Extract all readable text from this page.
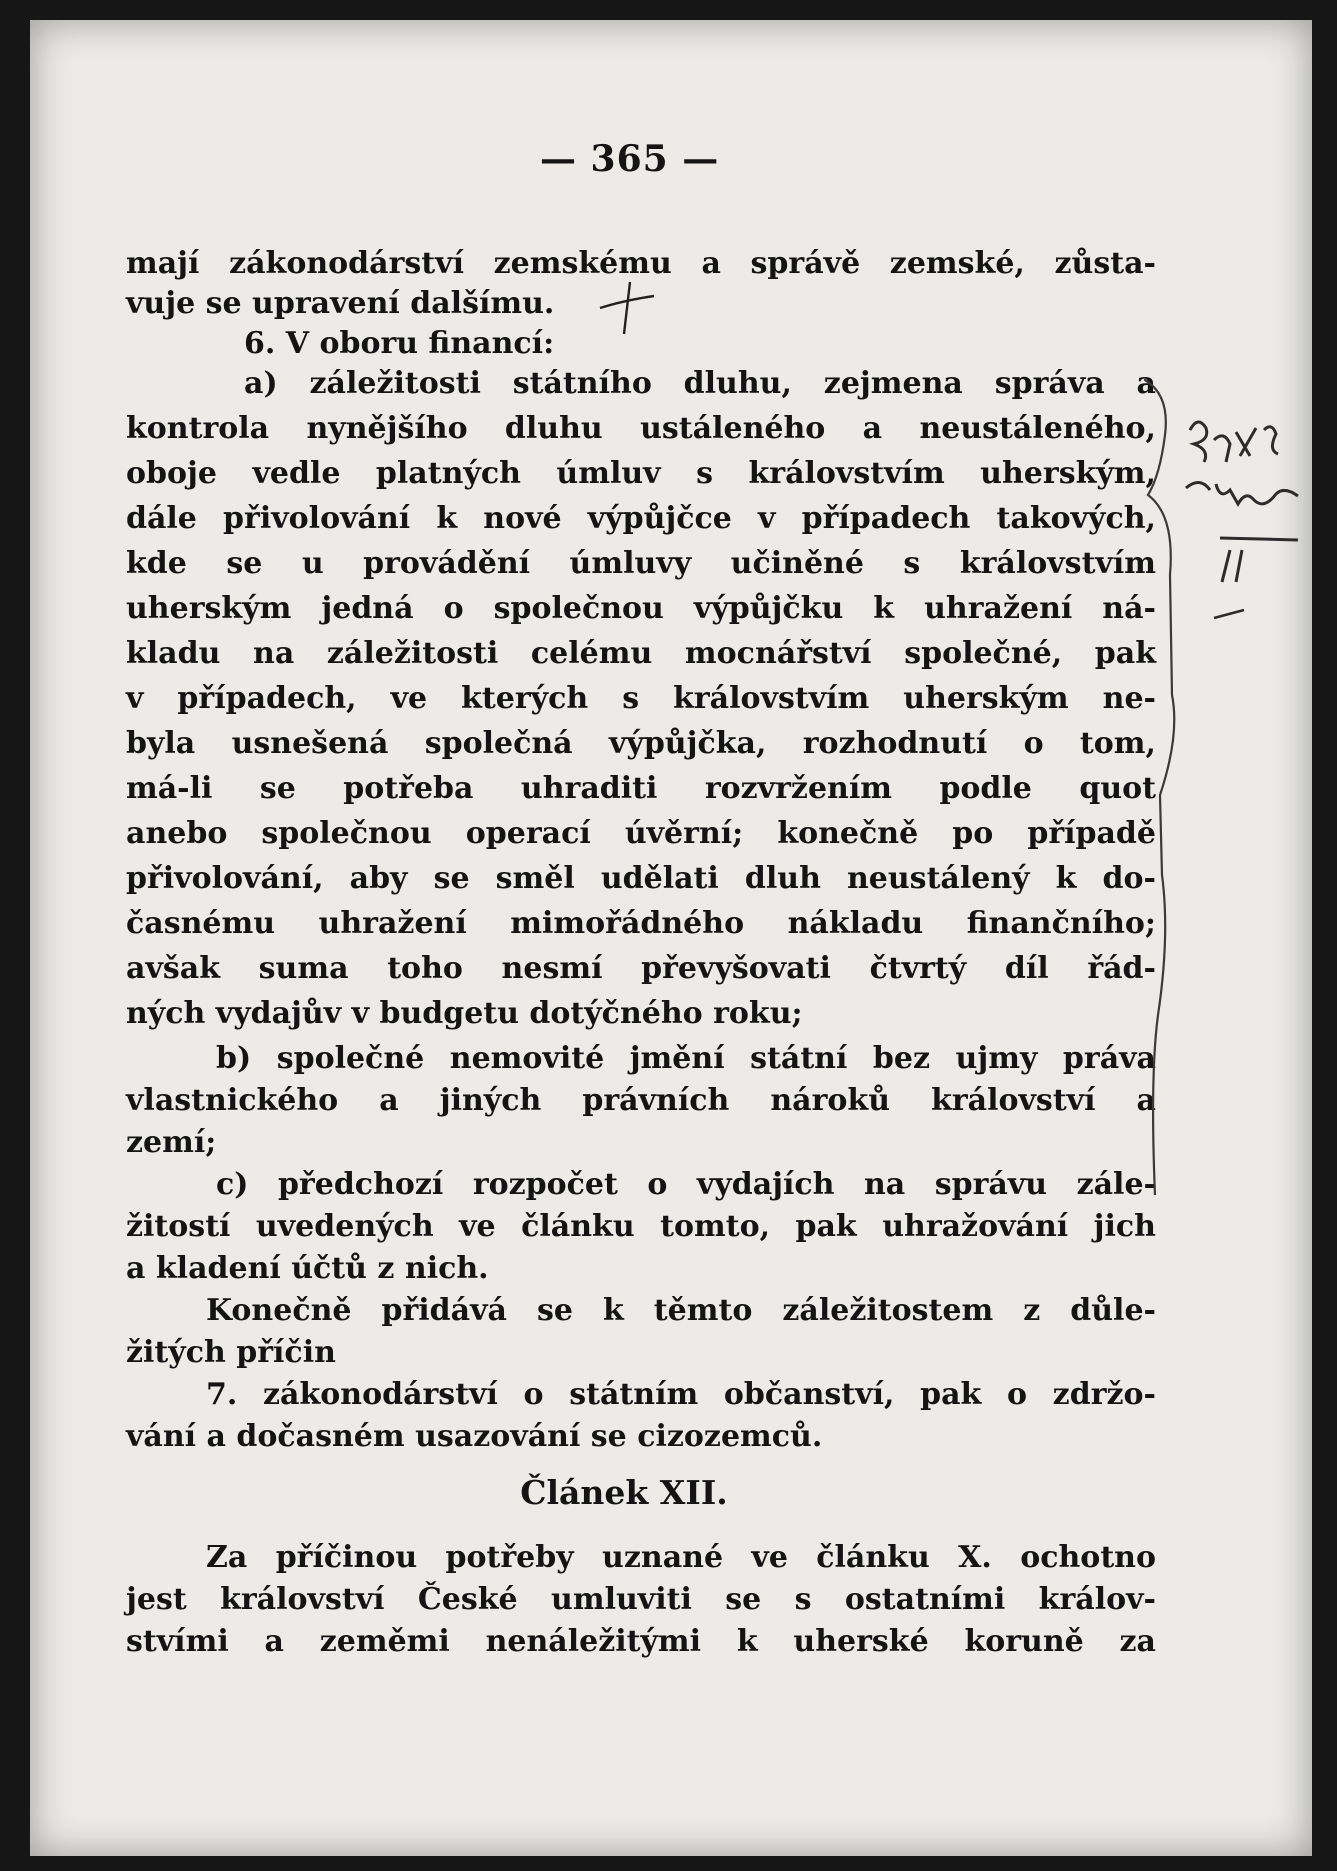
— 365 —
mají zákonodárství zemskému a správě zemské, zůsta-
vuje se upravení dalšímu.
6. V oboru financí:
a) záležitosti státního dluhu, zejmena správa a
kontrola nynějšího dluhu ustáleného a neustáleného,
oboje vedle platných úmluv s královstvím uherským,
dále přivolování k nové výpůjčce v případech takových,
kde se u provádění úmluvy učiněné s královstvím
uherským jedná o společnou výpůjčku k uhražení ná-
kladu na záležitosti celému mocnářství společné, pak
v případech, ve kterých s královstvím uherským ne-
byla usnešená společná výpůjčka, rozhodnutí o tom,
má-li se potřeba uhraditi rozvržením podle quot
anebo společnou operací úvěrní; konečně po případě
přivolování, aby se směl udělati dluh neustálený k do-
časnému uhražení mimořádného nákladu finančního;
avšak suma toho nesmí převyšovati čtvrtý díl řád-
ných vydajův v budgetu dotýčného roku;
b) společné nemovité jmění státní bez ujmy práva
vlastnického a jiných právních nároků království a
zemí;
c) předchozí rozpočet o vydajích na správu zále-
žitostí uvedených ve článku tomto, pak uhražování jich
a kladení účtů z nich.
Konečně přidává se k těmto záležitostem z důle-
žitých příčin
7. zákonodárství o státním občanství, pak o zdržo-
vání a dočasném usazování se cizozemců.
Článek XII.
Za příčinou potřeby uznané ve článku X. ochotno
jest království České umluviti se s ostatními králov-
stvími a zeměmi nenáležitými k uherské koruně za
